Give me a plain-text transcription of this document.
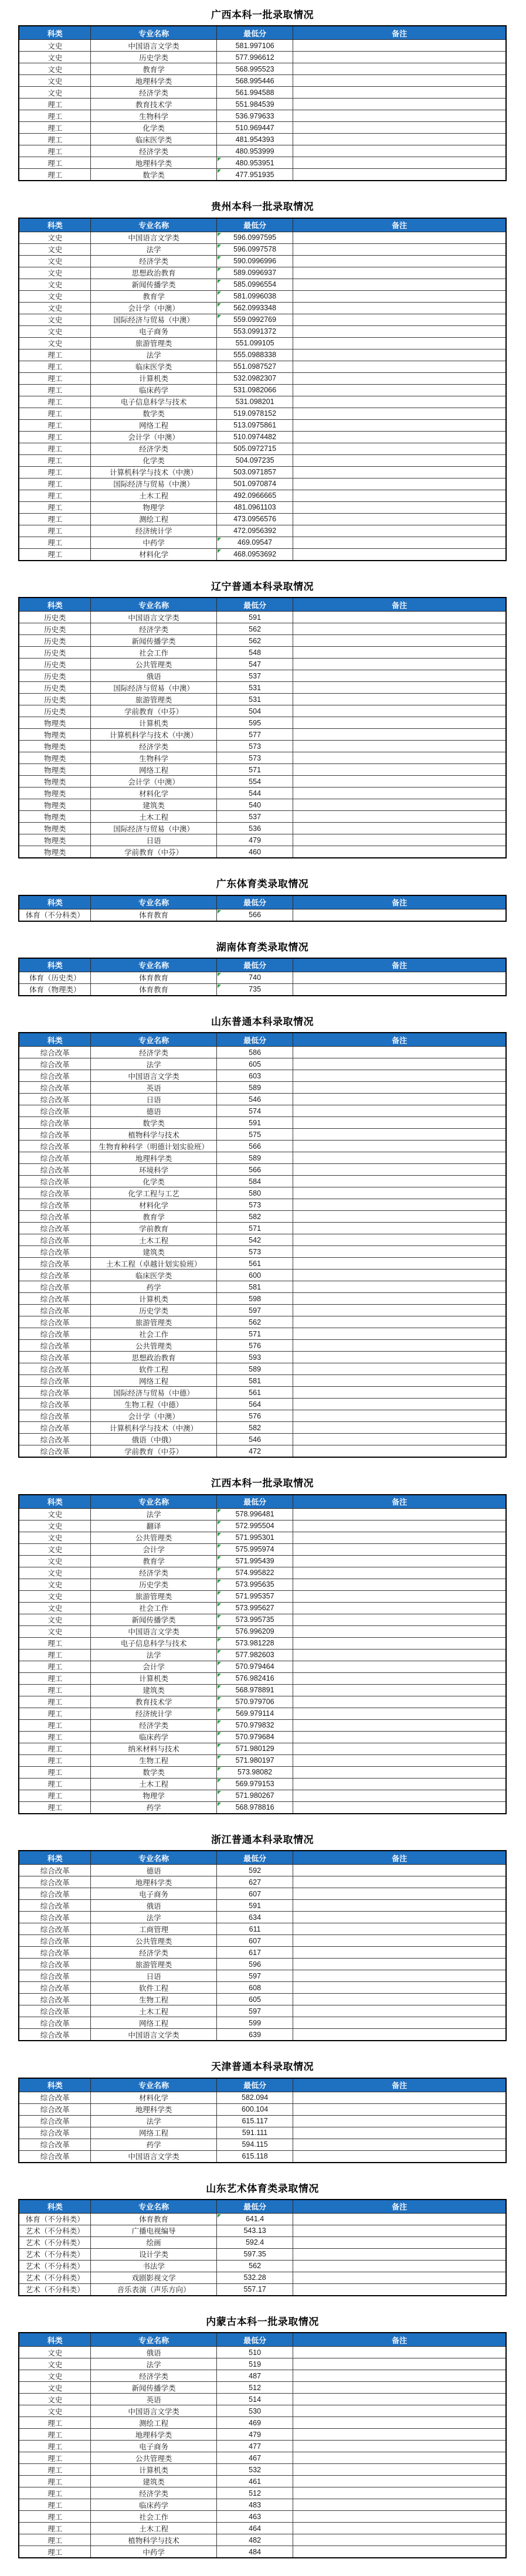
广西本科一批录取情况
科类	专业名称	最低分	备注
文史	中国语言文学类	581.997106	
文史	历史学类	577.996612	
文史	教育学	568.995523	
文史	地理科学类	568.995446	
文史	经济学类	561.994588	
理工	教育技术学	551.984539	
理工	生物科学	536.979633	
理工	化学类	510.969447	
理工	临床医学类	481.954393	
理工	经济学类	480.953999	
理工	地理科学类	480.953951	
理工	数学类	477.951935	
贵州本科一批录取情况
科类	专业名称	最低分	备注
文史	中国语言文学类	596.0997595	
文史	法学	596.0997578	
文史	经济学类	590.0996996	
文史	思想政治教育	589.0996937	
文史	新闻传播学类	585.0996554	
文史	教育学	581.0996038	
文史	会计学（中澳）	562.0993348	
文史	国际经济与贸易（中澳）	559.0992769	
文史	电子商务	553.0991372	
文史	旅游管理类	551.099105	
理工	法学	555.0988338	
理工	临床医学类	551.0987527	
理工	计算机类	532.0982307	
理工	临床药学	531.0982066	
理工	电子信息科学与技术	531.098201	
理工	数学类	519.0978152	
理工	网络工程	513.0975861	
理工	会计学（中澳）	510.0974482	
理工	经济学类	505.0972715	
理工	化学类	504.097235	
理工	计算机科学与技术（中澳）	503.0971857	
理工	国际经济与贸易（中澳）	501.0970874	
理工	土木工程	492.0966665	
理工	物理学	481.0961103	
理工	测绘工程	473.0956576	
理工	经济统计学	472.0956392	
理工	中药学	469.09547	
理工	材料化学	468.0953692	
辽宁普通本科录取情况
科类	专业名称	最低分	备注
历史类	中国语言文学类	591	
历史类	经济学类	562	
历史类	新闻传播学类	562	
历史类	社会工作	548	
历史类	公共管理类	547	
历史类	俄语	537	
历史类	国际经济与贸易（中澳）	531	
历史类	旅游管理类	531	
历史类	学前教育（中芬）	504	
物理类	计算机类	595	
物理类	计算机科学与技术（中澳）	577	
物理类	经济学类	573	
物理类	生物科学	573	
物理类	网络工程	571	
物理类	会计学（中澳）	554	
物理类	材料化学	544	
物理类	建筑类	540	
物理类	土木工程	537	
物理类	国际经济与贸易（中澳）	536	
物理类	日语	479	
物理类	学前教育（中芬）	460	
广东体育类录取情况
科类	专业名称	最低分	备注
体育（不分科类）	体育教育	566	
湖南体育类录取情况
科类	专业名称	最低分	备注
体育（历史类）	体育教育	740	
体育（物理类）	体育教育	735	
山东普通本科录取情况
科类	专业名称	最低分	备注
综合改革	经济学类	586	
综合改革	法学	605	
综合改革	中国语言文学类	603	
综合改革	英语	589	
综合改革	日语	546	
综合改革	德语	574	
综合改革	数学类	591	
综合改革	植物科学与技术	575	
综合改革	生物育种科学（明德计划实验班）	566	
综合改革	地理科学类	589	
综合改革	环境科学	566	
综合改革	化学类	584	
综合改革	化学工程与工艺	580	
综合改革	材料化学	573	
综合改革	教育学	582	
综合改革	学前教育	571	
综合改革	土木工程	542	
综合改革	建筑类	573	
综合改革	土木工程（卓越计划实验班）	561	
综合改革	临床医学类	600	
综合改革	药学	581	
综合改革	计算机类	598	
综合改革	历史学类	597	
综合改革	旅游管理类	562	
综合改革	社会工作	571	
综合改革	公共管理类	576	
综合改革	思想政治教育	593	
综合改革	软件工程	589	
综合改革	网络工程	581	
综合改革	国际经济与贸易（中德）	561	
综合改革	生物工程（中德）	564	
综合改革	会计学（中澳）	576	
综合改革	计算机科学与技术（中澳）	582	
综合改革	俄语（中俄）	546	
综合改革	学前教育（中芬）	472	
江西本科一批录取情况
科类	专业名称	最低分	备注
文史	法学	578.996481	
文史	翻译	572.995504	
文史	公共管理类	571.995301	
文史	会计学	575.995974	
文史	教育学	571.995439	
文史	经济学类	574.995822	
文史	历史学类	573.995635	
文史	旅游管理类	571.995357	
文史	社会工作	573.995627	
文史	新闻传播学类	573.995735	
文史	中国语言文学类	576.996209	
理工	电子信息科学与技术	573.981228	
理工	法学	577.982603	
理工	会计学	570.979464	
理工	计算机类	576.982416	
理工	建筑类	568.978891	
理工	教育技术学	570.979706	
理工	经济统计学	569.979114	
理工	经济学类	570.979832	
理工	临床药学	570.979684	
理工	纳米材料与技术	571.980129	
理工	生物工程	571.980197	
理工	数学类	573.98082	
理工	土木工程	569.979153	
理工	物理学	571.980267	
理工	药学	568.978816	
浙江普通本科录取情况
科类	专业名称	最低分	备注
综合改革	德语	592	
综合改革	地理科学类	627	
综合改革	电子商务	607	
综合改革	俄语	591	
综合改革	法学	634	
综合改革	工商管理	611	
综合改革	公共管理类	607	
综合改革	经济学类	617	
综合改革	旅游管理类	596	
综合改革	日语	597	
综合改革	软件工程	608	
综合改革	生物工程	605	
综合改革	土木工程	597	
综合改革	网络工程	599	
综合改革	中国语言文学类	639	
天津普通本科录取情况
科类	专业名称	最低分	备注
综合改革	材料化学	582.094	
综合改革	地理科学类	600.104	
综合改革	法学	615.117	
综合改革	网络工程	591.111	
综合改革	药学	594.115	
综合改革	中国语言文学类	615.118	
山东艺术体育类录取情况
科类	专业名称	最低分	备注
体育（不分科类）	体育教育	641.4	
艺术（不分科类）	广播电视编导	543.13	
艺术（不分科类）	绘画	592.4	
艺术（不分科类）	设计学类	597.35	
艺术（不分科类）	书法学	562	
艺术（不分科类）	戏剧影视文学	532.28	
艺术（不分科类）	音乐表演（声乐方向）	557.17	
内蒙古本科一批录取情况
科类	专业名称	最低分	备注
文史	俄语	510	
文史	法学	519	
文史	经济学类	487	
文史	新闻传播学类	512	
文史	英语	514	
文史	中国语言文学类	530	
理工	测绘工程	469	
理工	地理科学类	479	
理工	电子商务	477	
理工	公共管理类	467	
理工	计算机类	532	
理工	建筑类	461	
理工	经济学类	512	
理工	临床药学	483	
理工	社会工作	463	
理工	土木工程	464	
理工	植物科学与技术	482	
理工	中药学	484	
